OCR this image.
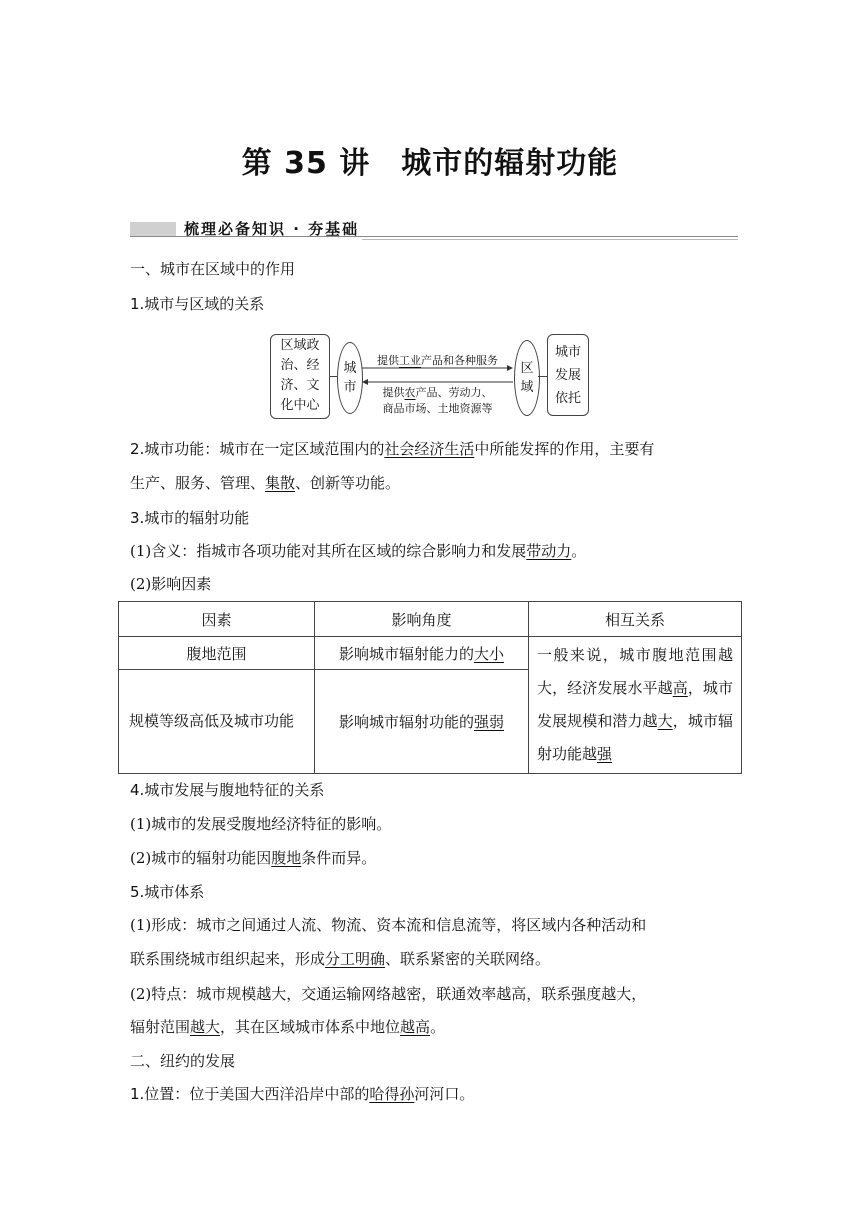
第 35 讲　城市的辐射功能
梳理必备知识 · 夯基础
一、城市在区域中的作用
1.城市与区域的关系
区域政
治、经
济、文
化中心
城
市
提供工业产品和各种服务
提供农产品、劳动力、
商品市场、土地资源等
区
域
城市
发展
依托
2.城市功能：城市在一定区域范围内的社会经济生活中所能发挥的作用，主要有
生产、服务、管理、集散、创新等功能。
3.城市的辐射功能
(1)含义：指城市各项功能对其所在区域的综合影响力和发展带动力。
(2)影响因素
因素	影响角度	相互关系
腹地范围	影响城市辐射能力的大小	一般来说，城市腹地范围越大，经济发展水平越高，城市发展规模和潜力越大，城市辐射功能越强
规模等级高低及城市功能	影响城市辐射功能的强弱	
4.城市发展与腹地特征的关系
(1)城市的发展受腹地经济特征的影响。
(2)城市的辐射功能因腹地条件而异。
5.城市体系
(1)形成：城市之间通过人流、物流、资本流和信息流等，将区域内各种活动和
联系围绕城市组织起来，形成分工明确、联系紧密的关联网络。
(2)特点：城市规模越大，交通运输网络越密，联通效率越高，联系强度越大，
辐射范围越大，其在区域城市体系中地位越高。
二、纽约的发展
1.位置：位于美国大西洋沿岸中部的哈得孙河河口。
